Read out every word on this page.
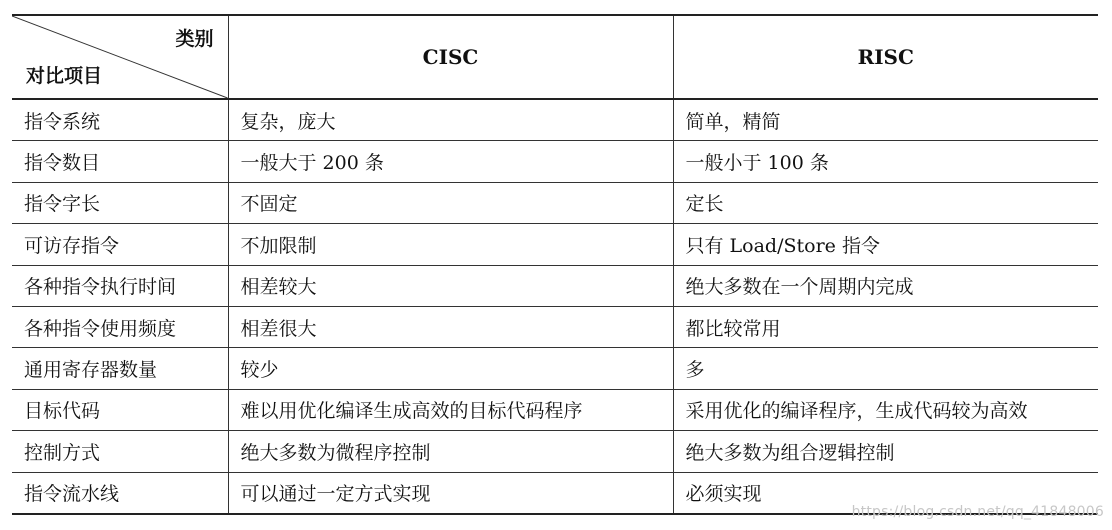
类别
对比项目	CISC	RISC
指令系统	复杂，庞大	简单，精简
指令数目	一般大于 200 条	一般小于 100 条
指令字长	不固定	定长
可访存指令	不加限制	只有 Load/Store 指令
各种指令执行时间	相差较大	绝大多数在一个周期内完成
各种指令使用频度	相差很大	都比较常用
通用寄存器数量	较少	多
目标代码	难以用优化编译生成高效的目标代码程序	采用优化的编译程序，生成代码较为高效
控制方式	绝大多数为微程序控制	绝大多数为组合逻辑控制
指令流水线	可以通过一定方式实现	必须实现
https://blog.csdn.net/qq_41848006
